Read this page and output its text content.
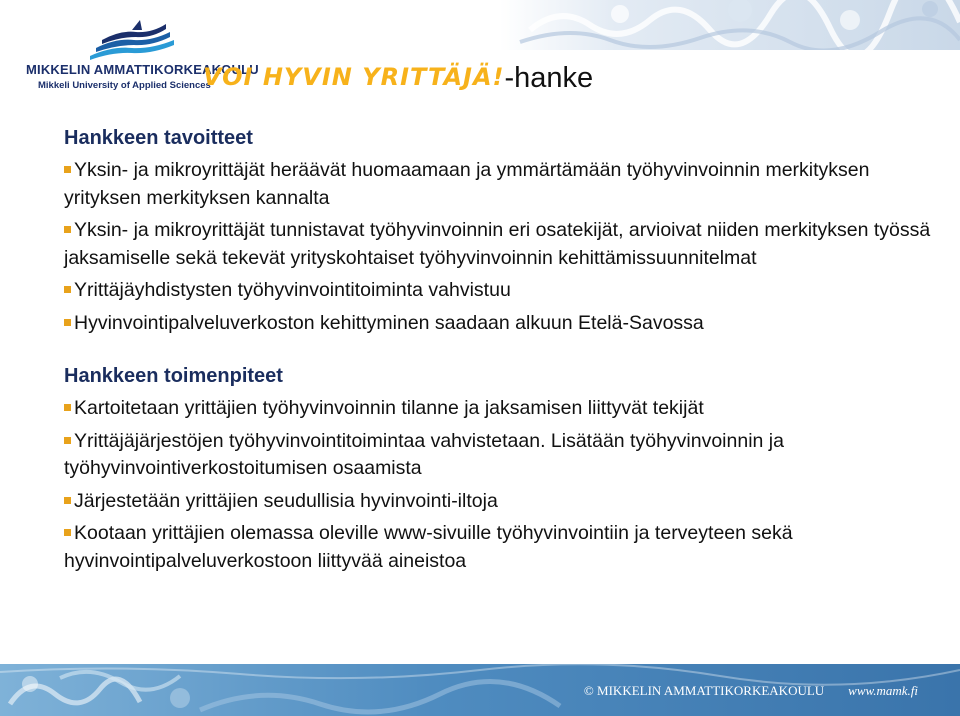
MIKKELIN AMMATTIKORKEAKOULU
Mikkeli University of Applied Sciences
VOI HYVIN YRITTÄJÄ!-hanke
Hankkeen tavoitteet

Yksin- ja mikroyrittäjät heräävät huomaamaan ja ymmärtämään työhyvinvoinnin merkityksen yrityksen merkityksen kannalta

Yksin- ja mikroyrittäjät tunnistavat työhyvinvoinnin eri osatekijät, arvioivat niiden merkityksen työssä jaksamiselle sekä tekevät yrityskohtaiset työhyvinvoinnin kehittämissuunnitelmat

Yrittäjäyhdistysten työhyvinvointitoiminta vahvistuu

Hyvinvointipalveluverkoston kehittyminen saadaan alkuun Etelä-Savossa

Hankkeen toimenpiteet

Kartoitetaan yrittäjien työhyvinvoinnin tilanne ja jaksamisen liittyvät tekijät

Yrittäjäjärjestöjen työhyvinvointitoimintaa vahvistetaan. Lisätään työhyvinvoinnin ja työhyvinvointiverkostoitumisen osaamista

Järjestetään yrittäjien seudullisia hyvinvointi-iltoja

Kootaan yrittäjien olemassa oleville www-sivuille työhyvinvointiin ja terveyteen sekä hyvinvointipalveluverkostoon liittyvää aineistoa

© MIKKELIN AMMATTIKORKEAKOULU www.mamk.fi
